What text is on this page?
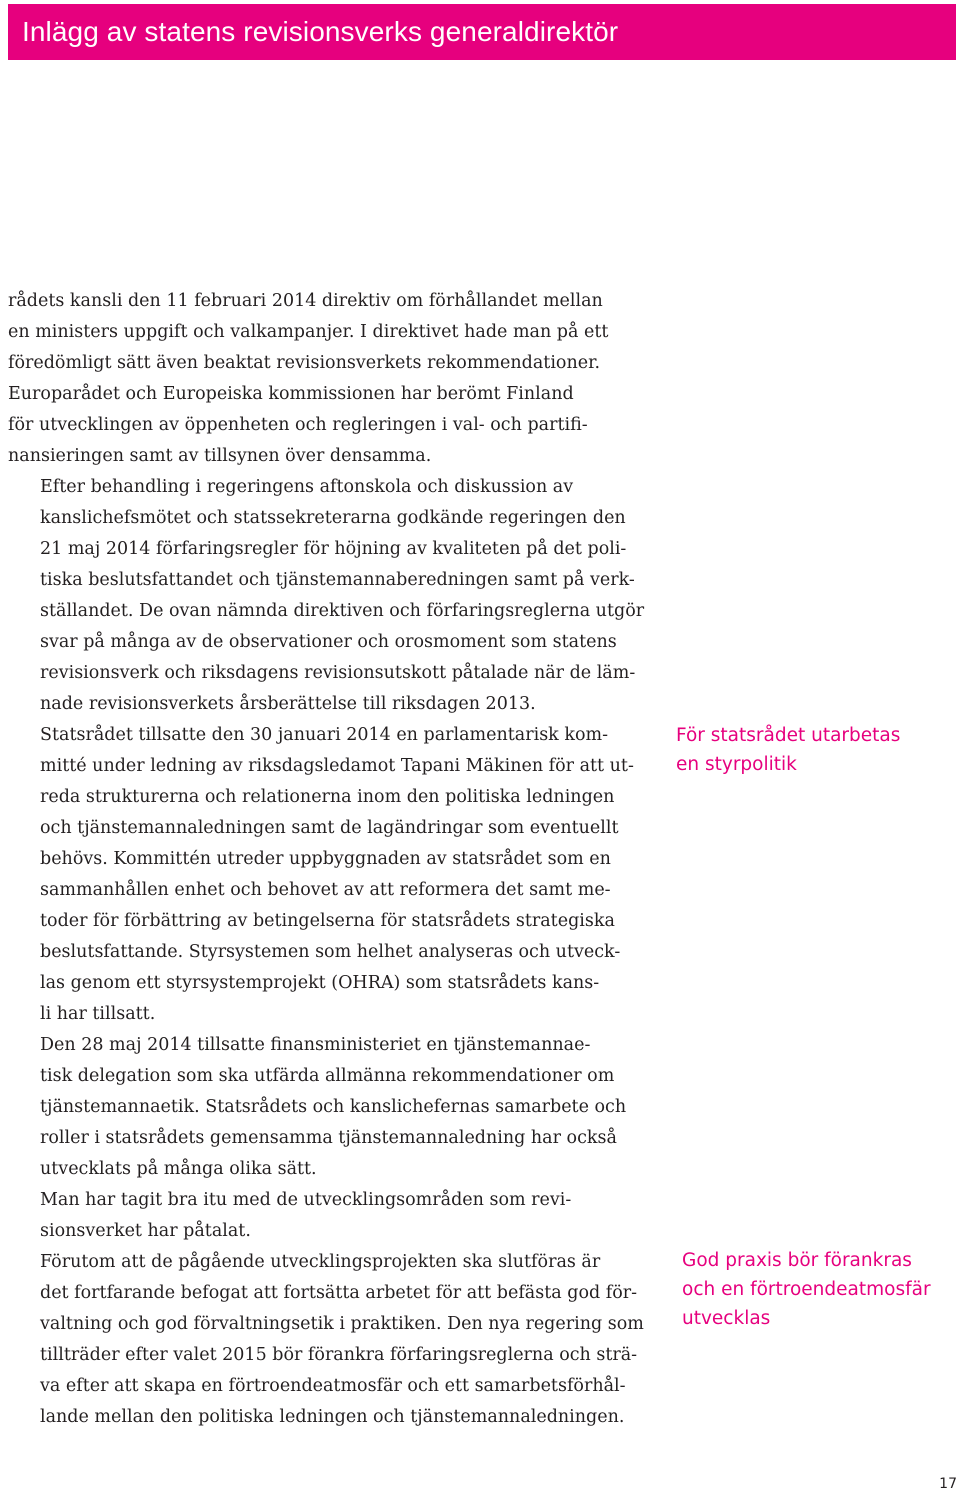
Inlägg av statens revisionsverks generaldirektör

rådets kansli den 11 februari 2014 direktiv om förhållandet mellan
en ministers uppgift och valkampanjer. I direktivet hade man på ett
föredömligt sätt även beaktat revisionsverkets rekommendationer.
Europarådet och Europeiska kommissionen har berömt Finland
för utvecklingen av öppenheten och regleringen i val- och partifi-
nansieringen samt av tillsynen över densamma.

Efter behandling i regeringens aftonskola och diskussion av
kanslichefsmötet och statssekreterarna godkände regeringen den
21 maj 2014 förfaringsregler för höjning av kvaliteten på det poli-
tiska beslutsfattandet och tjänstemannaberedningen samt på verk-
ställandet. De ovan nämnda direktiven och förfaringsreglerna utgör
svar på många av de observationer och orosmoment som statens
revisionsverk och riksdagens revisionsutskott påtalade när de läm-
nade revisionsverkets årsberättelse till riksdagen 2013.

Statsrådet tillsatte den 30 januari 2014 en parlamentarisk kom-
mitté under ledning av riksdagsledamot Tapani Mäkinen för att ut-
reda strukturerna och relationerna inom den politiska ledningen
och tjänstemannaledningen samt de lagändringar som eventuellt
behövs. Kommittén utreder uppbyggnaden av statsrådet som en
sammanhållen enhet och behovet av att reformera det samt me-
toder för förbättring av betingelserna för statsrådets strategiska
beslutsfattande. Styrsystemen som helhet analyseras och utveck-
las genom ett styrsystemprojekt (OHRA) som statsrådets kans-
li har tillsatt.

Den 28 maj 2014 tillsatte finansministeriet en tjänstemannae-
tisk delegation som ska utfärda allmänna rekommendationer om
tjänstemannaetik. Statsrådets och kanslichefernas samarbete och
roller i statsrådets gemensamma tjänstemannaledning har också
utvecklats på många olika sätt.

Man har tagit bra itu med de utvecklingsområden som revi-
sionsverket har påtalat.

Förutom att de pågående utvecklingsprojekten ska slutföras är
det fortfarande befogat att fortsätta arbetet för att befästa god för-
valtning och god förvaltningsetik i praktiken. Den nya regering som
tillträder efter valet 2015 bör förankra förfaringsreglerna och strä-
va efter att skapa en förtroendeatmosfär och ett samarbetsförhål-
lande mellan den politiska ledningen och tjänstemannaledningen.

För statsrådet utarbetas
en styrpolitik
God praxis bör förankras
och en förtroendeatmosfär
utvecklas
17
